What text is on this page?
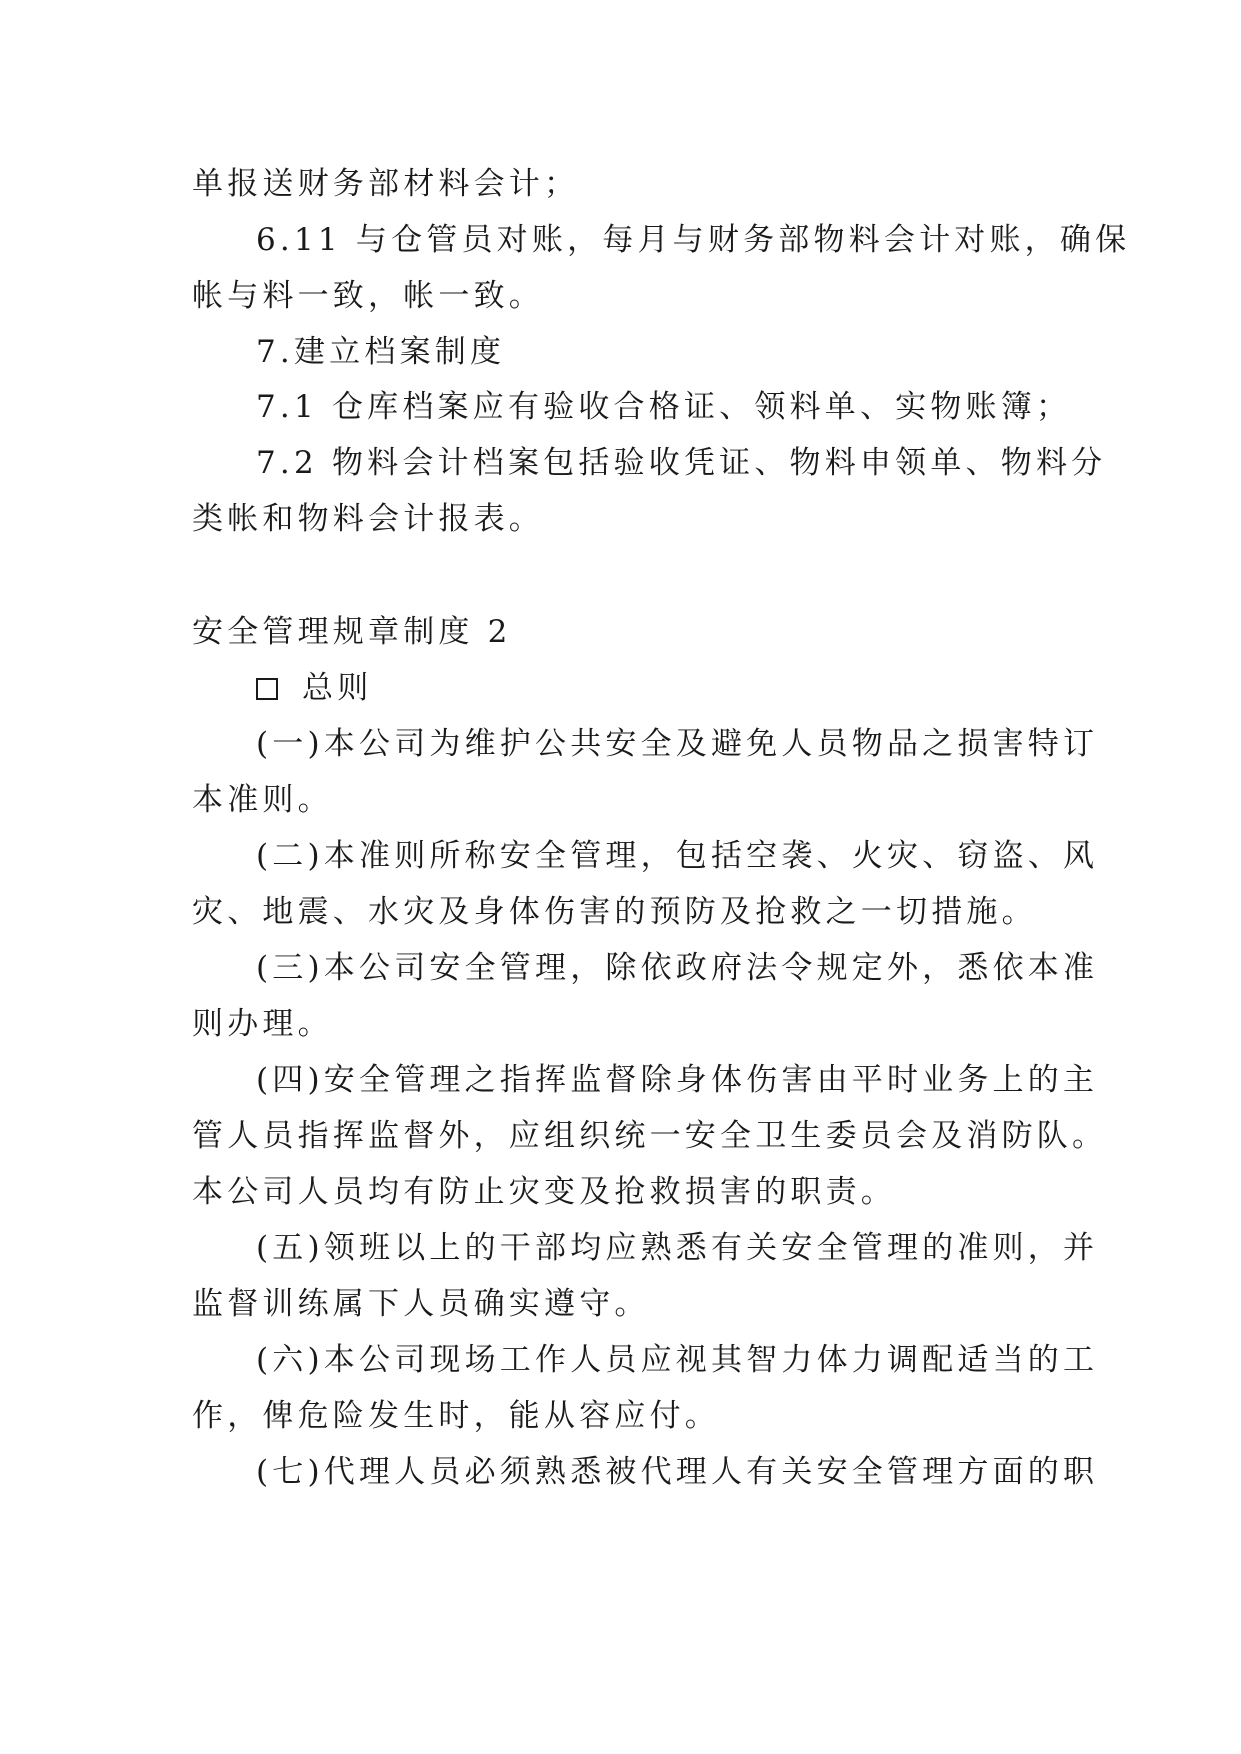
单报送财务部材料会计；
6.11 与仓管员对账，每月与财务部物料会计对账，确保
帐与料一致，帐一致。
7.建立档案制度
7.1 仓库档案应有验收合格证、领料单、实物账簿；
7.2 物料会计档案包括验收凭证、物料申领单、物料分
类帐和物料会计报表。
安全管理规章制度 2
总则
(一)本公司为维护公共安全及避免人员物品之损害特订
本准则。
(二)本准则所称安全管理，包括空袭、火灾、窃盗、风
灾、地震、水灾及身体伤害的预防及抢救之一切措施。
(三)本公司安全管理，除依政府法令规定外，悉依本准
则办理。
(四)安全管理之指挥监督除身体伤害由平时业务上的主
管人员指挥监督外，应组织统一安全卫生委员会及消防队。
本公司人员均有防止灾变及抢救损害的职责。
(五)领班以上的干部均应熟悉有关安全管理的准则，并
监督训练属下人员确实遵守。
(六)本公司现场工作人员应视其智力体力调配适当的工
作，俾危险发生时，能从容应付。
(七)代理人员必须熟悉被代理人有关安全管理方面的职
